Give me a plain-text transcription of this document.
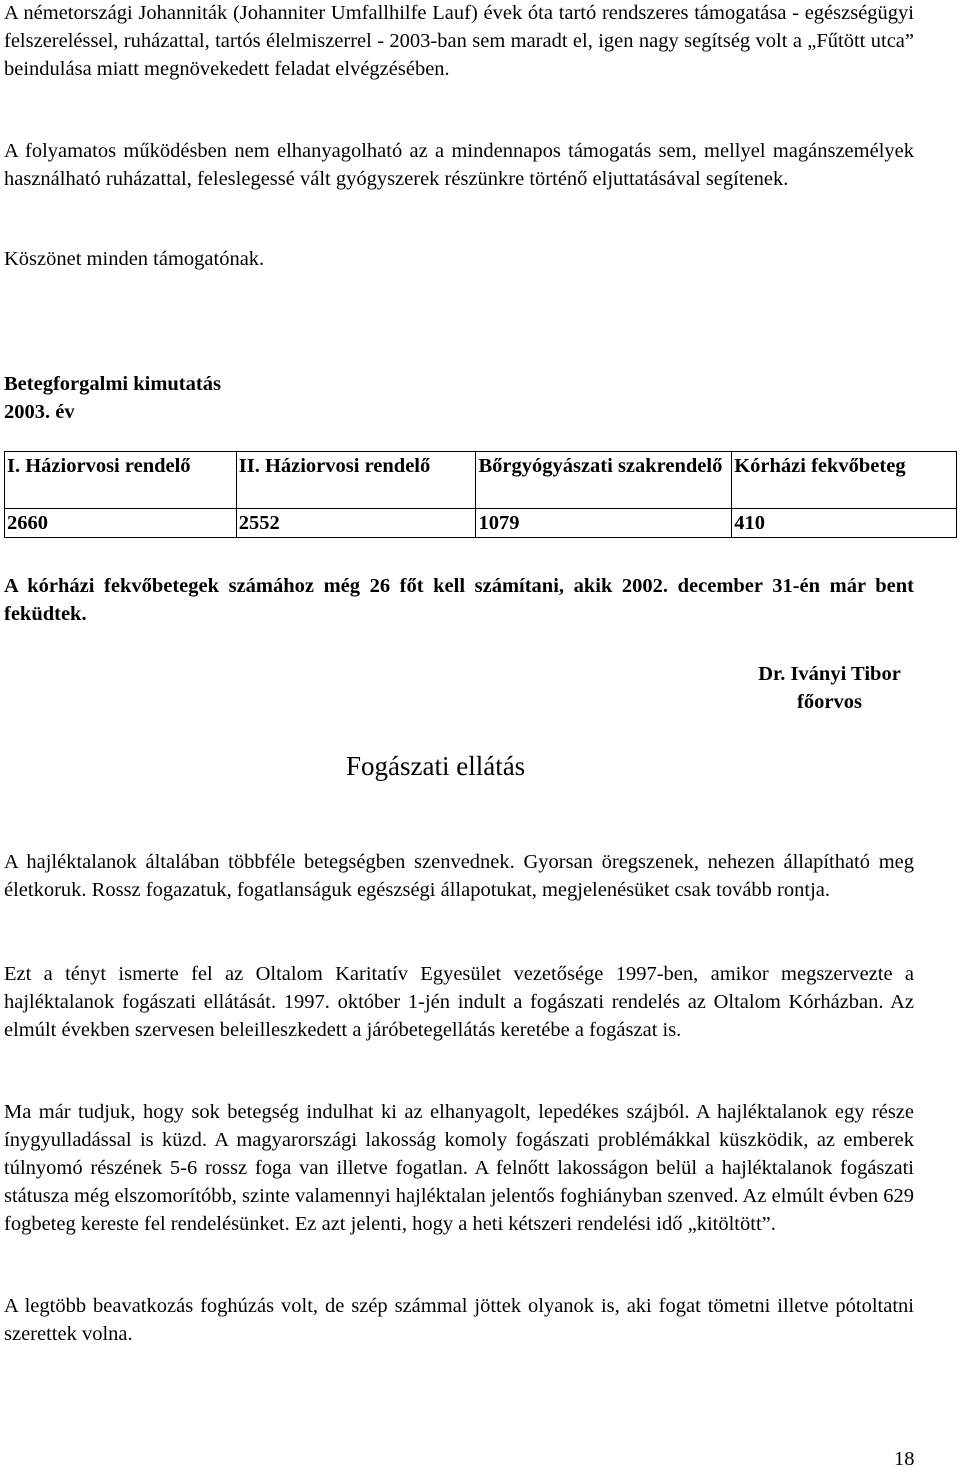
A németországi Johanniták (Johanniter Umfallhilfe Lauf) évek óta tartó rendszeres támogatása - egészségügyi felszereléssel, ruházattal, tartós élelmiszerrel - 2003-ban sem maradt el, igen nagy segítség volt a „Fűtött utca” beindulása miatt megnövekedett feladat elvégzésében.

A folyamatos működésben nem elhanyagolható az a mindennapos támogatás sem, mellyel magánszemélyek használható ruházattal, feleslegessé vált gyógyszerek részünkre történő eljuttatásával segítenek.

Köszönet minden támogatónak.

Betegforgalmi kimutatás
2003. év
I. Háziorvosi rendelő	II. Háziorvosi rendelő	Bőrgyógyászati szakrendelő	Kórházi fekvőbeteg
2660	2552	1079	410

A kórházi fekvőbetegek számához még 26 főt kell számítani, akik 2002. december 31-én már bent feküdtek.

Dr. Iványi Tibor
főorvos
Fogászati ellátás

A hajléktalanok általában többféle betegségben szenvednek. Gyorsan öregszenek, nehezen állapítható meg életkoruk. Rossz fogazatuk, fogatlanságuk egészségi állapotukat, megjelenésüket csak tovább rontja.

Ezt a tényt ismerte fel az Oltalom Karitatív Egyesület vezetősége 1997-ben, amikor megszervezte a hajléktalanok fogászati ellátását. 1997. október 1-jén indult a fogászati rendelés az Oltalom Kórházban. Az elmúlt években szervesen beleilleszkedett a járóbetegellátás keretébe a fogászat is.

Ma már tudjuk, hogy sok betegség indulhat ki az elhanyagolt, lepedékes szájból. A hajléktalanok egy része ínygyulladással is küzd. A magyarországi lakosság komoly fogászati problémákkal küszködik, az emberek túlnyomó részének 5-6 rossz foga van illetve fogatlan. A felnőtt lakosságon belül a hajléktalanok fogászati státusza még elszomorítóbb, szinte valamennyi hajléktalan jelentős foghiányban szenved. Az elmúlt évben 629 fogbeteg kereste fel rendelésünket. Ez azt jelenti, hogy a heti kétszeri rendelési idő „kitöltött”.

A legtöbb beavatkozás foghúzás volt, de szép számmal jöttek olyanok is, aki fogat tömetni illetve pótoltatni szerettek volna.

18
